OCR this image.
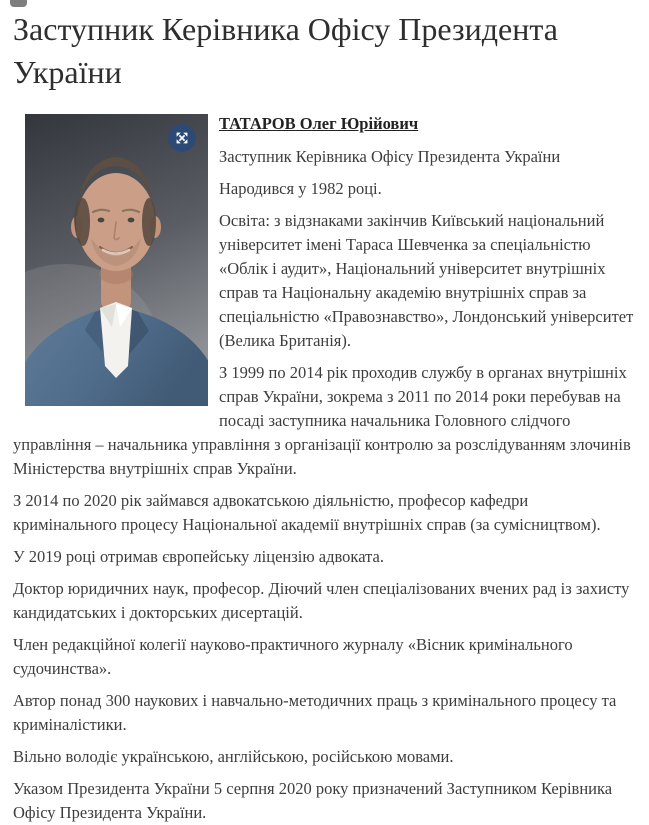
Заступник Керівника Офісу Президента України

ТАТАРОВ Олег Юрійович

Заступник Керівника Офісу Президента України

Народився у 1982 році.

Освіта: з відзнаками закінчив Київський національний університет імені Тараса Шевченка за спеціальністю «Облік і аудит», Національний університет внутрішніх справ та Національну академію внутрішніх справ за спеціальністю «Правознавство», Лондонський університет (Велика Британія).

З 1999 по 2014 рік проходив службу в органах внутрішніх справ України, зокрема з 2011 по 2014 роки перебував на посаді заступника начальника Головного слідчого управління – начальника управління з організації контролю за розслідуванням злочинів Міністерства внутрішніх справ України.

З 2014 по 2020 рік займався адвокатською діяльністю, професор кафедри кримінального процесу Національної академії внутрішніх справ (за сумісництвом).

У 2019 році отримав європейську ліцензію адвоката.

Доктор юридичних наук, професор. Діючий член спеціалізованих вчених рад із захисту кандидатських і докторських дисертацій.

Член редакційної колегії науково-практичного журналу «Вісник кримінального судочинства».

Автор понад 300 наукових і навчально-методичних праць з кримінального процесу та криміналістики.

Вільно володіє українською, англійською, російською мовами.

Указом Президента України 5 серпня 2020 року призначений Заступником Керівника Офісу Президента України.
